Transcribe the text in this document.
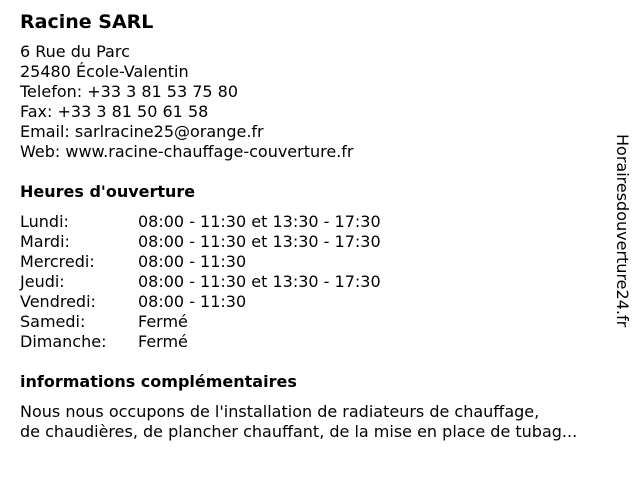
Racine SARL
6 Rue du Parc
25480 École-Valentin
Telefon: +33 3 81 53 75 80
Fax: +33 3 81 50 61 58
Email: sarlracine25@orange.fr
Web: www.racine-chauffage-couverture.fr
Heures d'ouverture
Lundi:	08:00 - 11:30 et 13:30 - 17:30
Mardi:	08:00 - 11:30 et 13:30 - 17:30
Mercredi:	08:00 - 11:30
Jeudi:	08:00 - 11:30 et 13:30 - 17:30
Vendredi:	08:00 - 11:30
Samedi:	Fermé
Dimanche:	Fermé
informations complémentaires
Nous nous occupons de l'installation de radiateurs de chauffage,
de chaudières, de plancher chauffant, de la mise en place de tubag...
Horairesdouverture24.fr
